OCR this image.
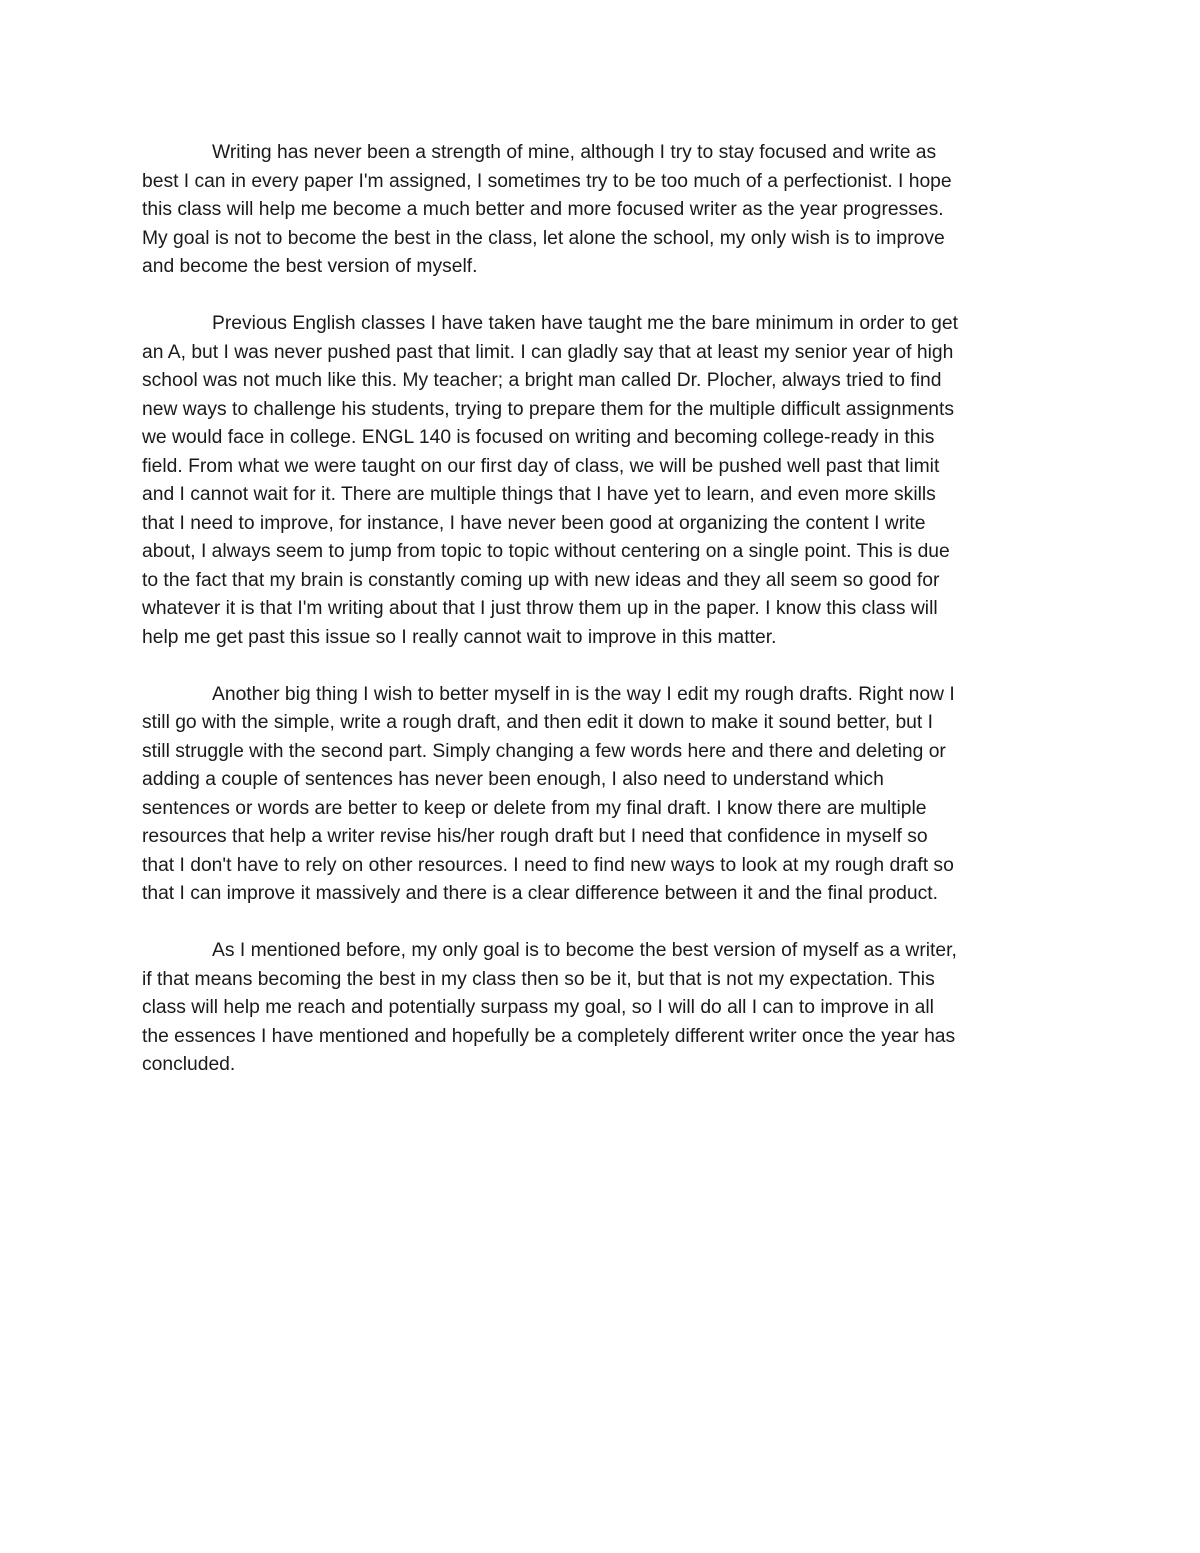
Writing has never been a strength of mine, although I try to stay focused and write as
best I can in every paper I'm assigned, I sometimes try to be too much of a perfectionist. I hope
this class will help me become a much better and more focused writer as the year progresses.
My goal is not to become the best in the class, let alone the school, my only wish is to improve
and become the best version of myself.
Previous English classes I have taken have taught me the bare minimum in order to get
an A, but I was never pushed past that limit. I can gladly say that at least my senior year of high
school was not much like this. My teacher; a bright man called Dr. Plocher, always tried to find
new ways to challenge his students, trying to prepare them for the multiple difficult assignments
we would face in college. ENGL 140 is focused on writing and becoming college-ready in this
field. From what we were taught on our first day of class, we will be pushed well past that limit
and I cannot wait for it. There are multiple things that I have yet to learn, and even more skills
that I need to improve, for instance, I have never been good at organizing the content I write
about, I always seem to jump from topic to topic without centering on a single point. This is due
to the fact that my brain is constantly coming up with new ideas and they all seem so good for
whatever it is that I'm writing about that I just throw them up in the paper. I know this class will
help me get past this issue so I really cannot wait to improve in this matter.
Another big thing I wish to better myself in is the way I edit my rough drafts. Right now I
still go with the simple, write a rough draft, and then edit it down to make it sound better, but I
still struggle with the second part. Simply changing a few words here and there and deleting or
adding a couple of sentences has never been enough, I also need to understand which
sentences or words are better to keep or delete from my final draft. I know there are multiple
resources that help a writer revise his/her rough draft but I need that confidence in myself so
that I don't have to rely on other resources. I need to find new ways to look at my rough draft so
that I can improve it massively and there is a clear difference between it and the final product.
As I mentioned before, my only goal is to become the best version of myself as a writer,
if that means becoming the best in my class then so be it, but that is not my expectation. This
class will help me reach and potentially surpass my goal, so I will do all I can to improve in all
the essences I have mentioned and hopefully be a completely different writer once the year has
concluded.
